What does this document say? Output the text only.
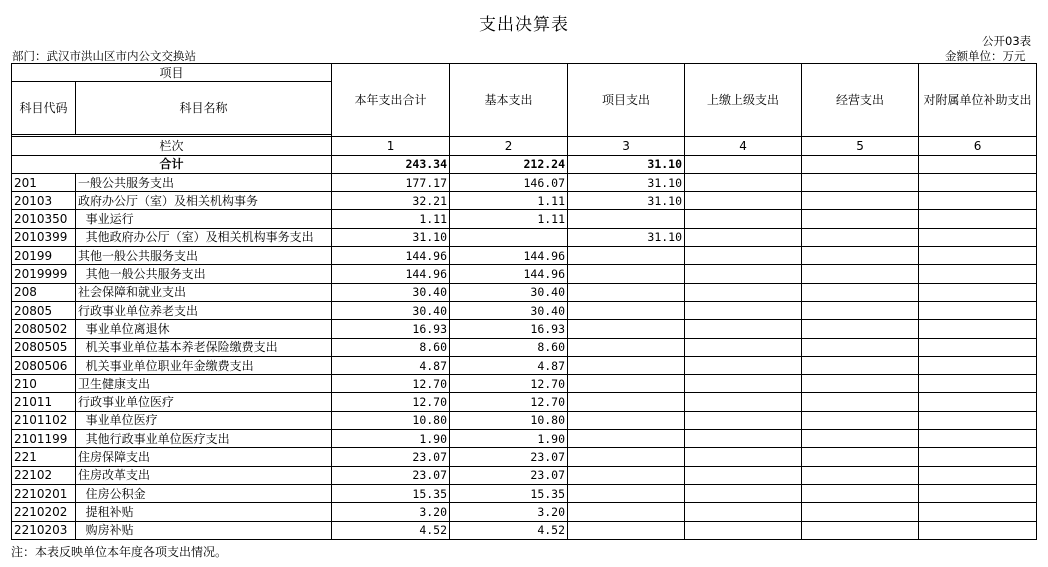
支出决算表
公开03表
部门：武汉市洪山区市内公文交换站	金额单位：万元
项目		本年支出合计	基本支出	项目支出	上缴上级支出	经营支出	对附属单位补助支出
科目代码	科目名称						

栏次		1	2	3	4	5	6
合计		243.34	212.24	31.10			
201	一般公共服务支出	177.17	146.07	31.10			
20103	政府办公厅（室）及相关机构事务	32.21	1.11	31.10			
2010350	事业运行	1.11	1.11				
2010399	其他政府办公厅（室）及相关机构事务支出	31.10		31.10			
20199	其他一般公共服务支出	144.96	144.96				
2019999	其他一般公共服务支出	144.96	144.96				
208	社会保障和就业支出	30.40	30.40				
20805	行政事业单位养老支出	30.40	30.40				
2080502	事业单位离退休	16.93	16.93				
2080505	机关事业单位基本养老保险缴费支出	8.60	8.60				
2080506	机关事业单位职业年金缴费支出	4.87	4.87				
210	卫生健康支出	12.70	12.70				
21011	行政事业单位医疗	12.70	12.70				
2101102	事业单位医疗	10.80	10.80				
2101199	其他行政事业单位医疗支出	1.90	1.90				
221	住房保障支出	23.07	23.07				
22102	住房改革支出	23.07	23.07				
2210201	住房公积金	15.35	15.35				
2210202	提租补贴	3.20	3.20				
2210203	购房补贴	4.52	4.52				
注：本表反映单位本年度各项支出情况。
